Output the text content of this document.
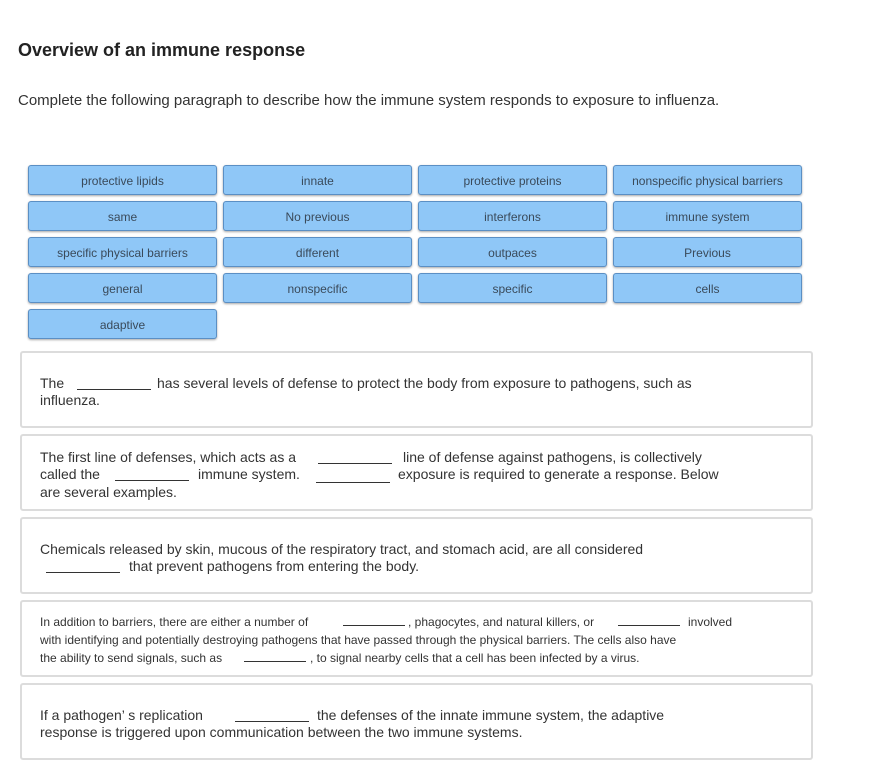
Overview of an immune response
Complete the following paragraph to describe how the immune system responds to exposure to influenza.
protective lipids	innate	protective proteins	nonspecific physical barriers
same	No previous	interferons	immune system
specific physical barriers	different	outpaces	Previous
general	nonspecific	specific	cells
adaptive
The	has several levels of defense to protect the body from exposure to pathogens, such as
influenza.
The first line of defenses, which acts as a
called the	immune system.
are several examples.
line of defense against pathogens, is collectively
exposure is required to generate a response. Below
Chemicals released by skin, mucous of the respiratory tract, and stomach acid, are all considered
that prevent pathogens from entering the body.
In addition to barriers, there are either a number of	, phagocytes, and natural killers, or	involved
with identifying and potentially destroying pathogens that have passed through the physical barriers. The cells also have
the ability to send signals, such as	, to signal nearby cells that a cell has been infected by a virus.
If a pathogen’ s replication	the defenses of the innate immune system, the adaptive
response is triggered upon communication between the two immune systems.
